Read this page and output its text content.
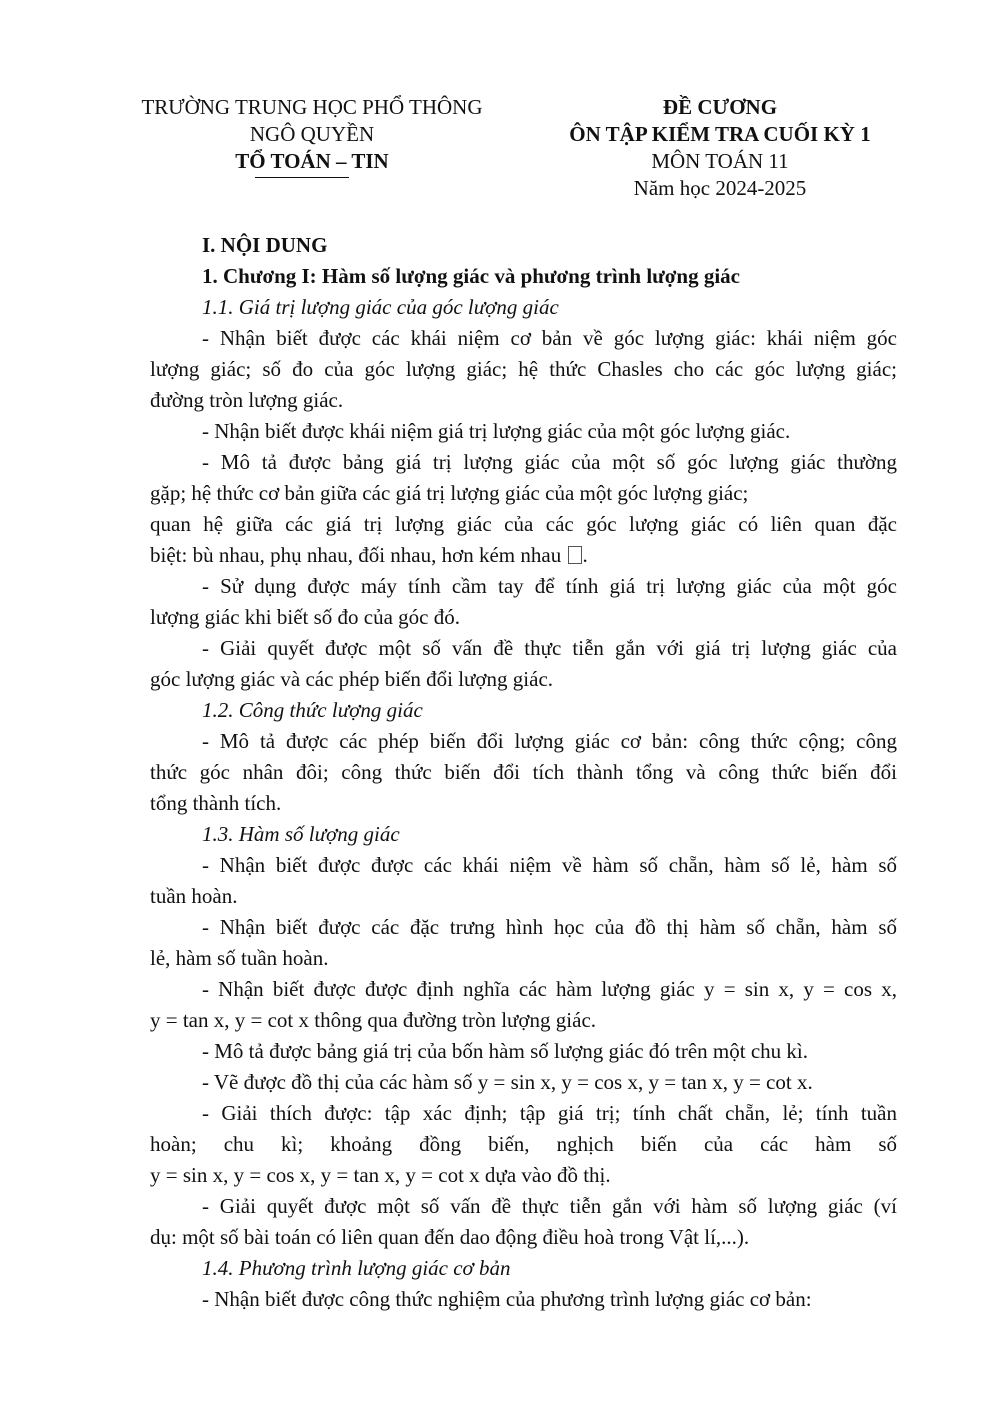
TRƯỜNG TRUNG HỌC PHỔ THÔNG
NGÔ QUYỀN
TỔ TOÁN – TIN
ĐỀ CƯƠNG
ÔN TẬP KIỂM TRA CUỐI KỲ 1
MÔN TOÁN 11
Năm học 2024-2025
I. NỘI DUNG
1. Chương I: Hàm số lượng giác và phương trình lượng giác
1.1. Giá trị lượng giác của góc lượng giác
- Nhận biết được các khái niệm cơ bản về góc lượng giác: khái niệm góc
lượng giác; số đo của góc lượng giác; hệ thức Chasles cho các góc lượng giác;
đường tròn lượng giác.
- Nhận biết được khái niệm giá trị lượng giác của một góc lượng giác.
- Mô tả được bảng giá trị lượng giác của một số góc lượng giác thường
gặp; hệ thức cơ bản giữa các giá trị lượng giác của một góc lượng giác;
quan hệ giữa các giá trị lượng giác của các góc lượng giác có liên quan đặc
biệt: bù nhau, phụ nhau, đối nhau, hơn kém nhau .
- Sử dụng được máy tính cầm tay để tính giá trị lượng giác của một góc
lượng giác khi biết số đo của góc đó.
- Giải quyết được một số vấn đề thực tiễn gắn với giá trị lượng giác của
góc lượng giác và các phép biến đổi lượng giác.
1.2. Công thức lượng giác
- Mô tả được các phép biến đổi lượng giác cơ bản: công thức cộng; công
thức góc nhân đôi; công thức biến đổi tích thành tổng và công thức biến đổi
tổng thành tích.
1.3. Hàm số lượng giác
- Nhận biết được được các khái niệm về hàm số chẵn, hàm số lẻ, hàm số
tuần hoàn.
- Nhận biết được các đặc trưng hình học của đồ thị hàm số chẵn, hàm số
lẻ, hàm số tuần hoàn.
- Nhận biết được được định nghĩa các hàm lượng giác y = sin x, y = cos x,
y = tan x, y = cot x thông qua đường tròn lượng giác.
- Mô tả được bảng giá trị của bốn hàm số lượng giác đó trên một chu kì.
- Vẽ được đồ thị của các hàm số y = sin x, y = cos x, y = tan x, y = cot x.
- Giải thích được: tập xác định; tập giá trị; tính chất chẵn, lẻ; tính tuần
hoàn; chu kì; khoảng đồng biến, nghịch biến của các hàm số
y = sin x, y = cos x, y = tan x, y = cot x dựa vào đồ thị.
- Giải quyết được một số vấn đề thực tiễn gắn với hàm số lượng giác (ví
dụ: một số bài toán có liên quan đến dao động điều hoà trong Vật lí,...).
1.4. Phương trình lượng giác cơ bản
- Nhận biết được công thức nghiệm của phương trình lượng giác cơ bản:
